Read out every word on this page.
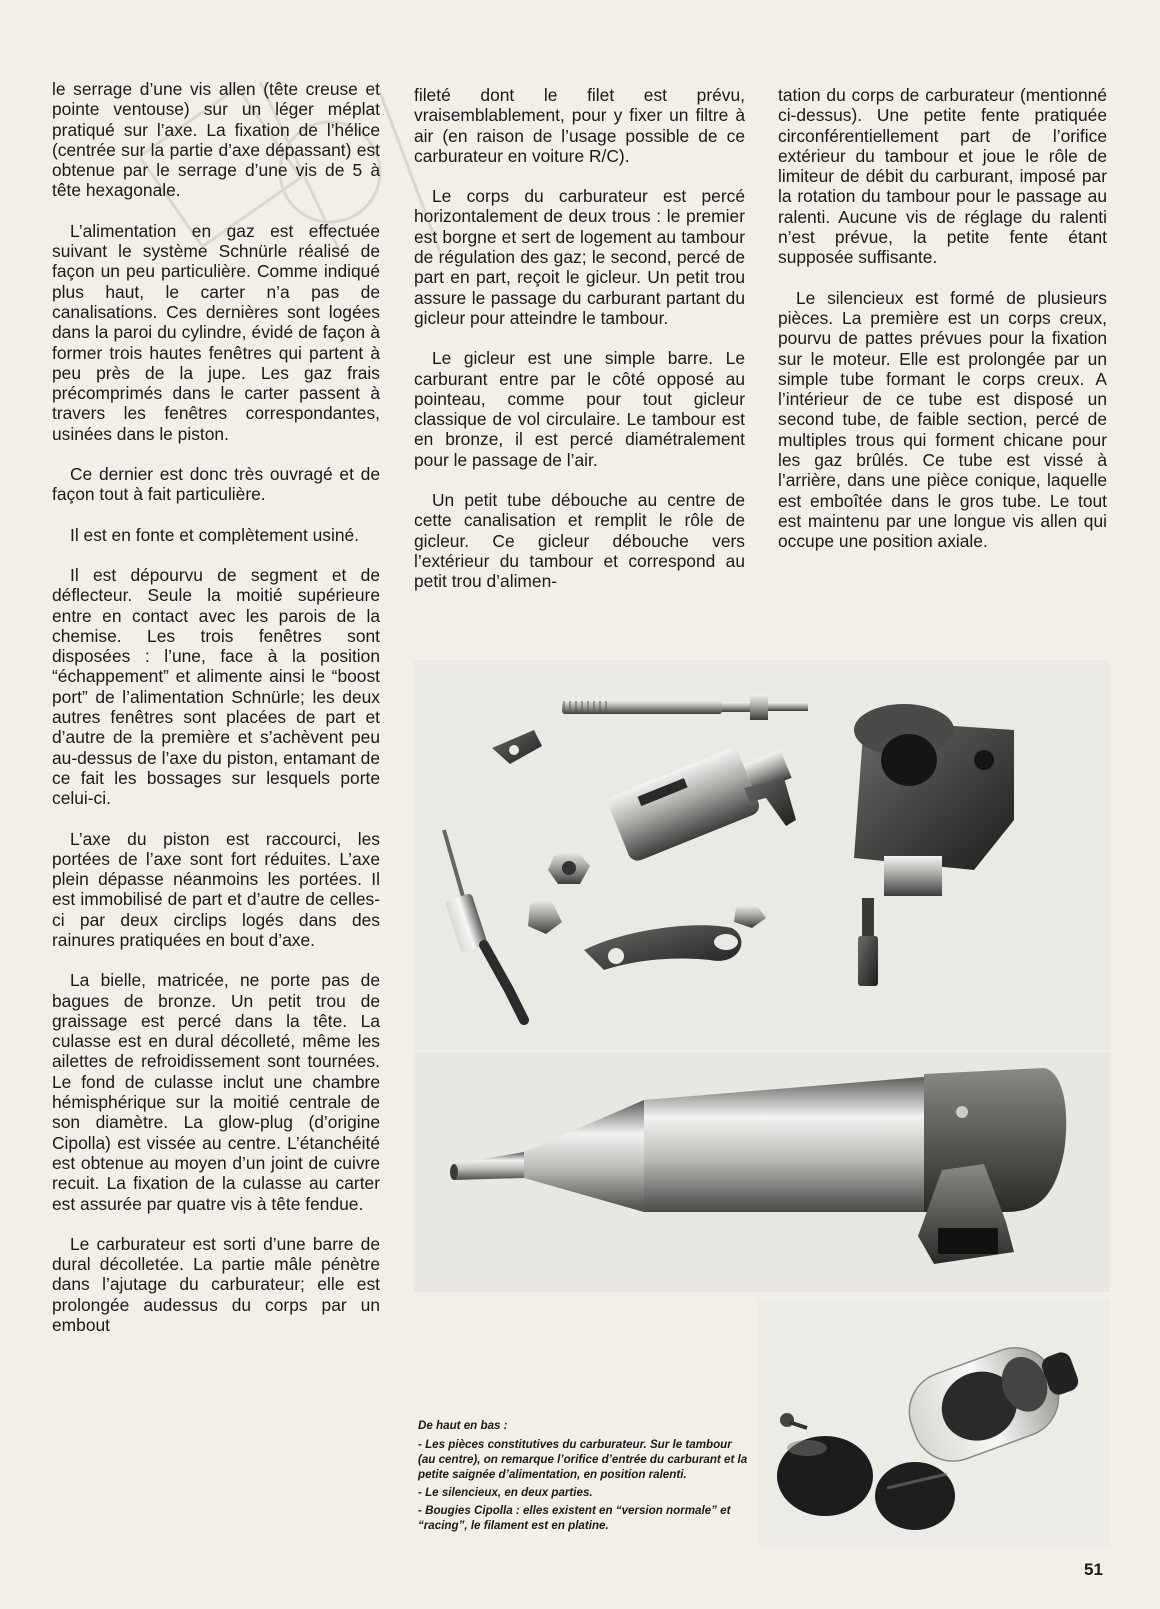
le serrage d’une vis allen (tête creuse et pointe ventouse) sur un léger méplat pratiqué sur l’axe. La fixation de l’hélice (centrée sur la partie d’axe dépassant) est obtenue par le serrage d’une vis de 5 à tête hexagonale.

L’alimentation en gaz est effectuée suivant le système Schnürle réalisé de façon un peu particulière. Comme indiqué plus haut, le carter n’a pas de canalisations. Ces dernières sont logées dans la paroi du cylindre, évidé de façon à former trois hautes fenêtres qui partent à peu près de la jupe. Les gaz frais précomprimés dans le carter passent à travers les fenêtres correspondantes, usinées dans le piston.

Ce dernier est donc très ouvragé et de façon tout à fait particulière.

Il est en fonte et complètement usiné.

Il est dépourvu de segment et de déflecteur. Seule la moitié supérieure entre en contact avec les parois de la chemise. Les trois fenêtres sont disposées : l’une, face à la position “échappement” et alimente ainsi le “boost port” de l’alimentation Schnürle; les deux autres fenêtres sont placées de part et d’autre de la première et s’achèvent peu au-dessus de l’axe du piston, entamant de ce fait les bossages sur lesquels porte celui-ci.

L’axe du piston est raccourci, les portées de l’axe sont fort réduites. L’axe plein dépasse néanmoins les portées. Il est immobilisé de part et d’autre de celles-ci par deux circlips logés dans des rainures pratiquées en bout d’axe.

La bielle, matricée, ne porte pas de bagues de bronze. Un petit trou de graissage est percé dans la tête. La culasse est en dural décolleté, même les ailettes de refroidissement sont tournées. Le fond de culasse inclut une chambre hémisphérique sur la moitié centrale de son diamètre. La glow-plug (d’origine Cipolla) est vissée au centre. L’étanchéité est obtenue au moyen d’un joint de cuivre recuit. La fixation de la culasse au carter est assurée par quatre vis à tête fendue.

Le carburateur est sorti d’une barre de dural décolletée. La partie mâle pénètre dans l’ajutage du carburateur; elle est prolongée audessus du corps par un embout

fileté dont le filet est prévu, vraisemblablement, pour y fixer un filtre à air (en raison de l’usage possible de ce carburateur en voiture R/C).

Le corps du carburateur est percé horizontalement de deux trous : le premier est borgne et sert de logement au tambour de régulation des gaz; le second, percé de part en part, reçoit le gicleur. Un petit trou assure le passage du carburant partant du gicleur pour atteindre le tambour.

Le gicleur est une simple barre. Le carburant entre par le côté opposé au pointeau, comme pour tout gicleur classique de vol circulaire. Le tambour est en bronze, il est percé diamétralement pour le passage de l’air.

Un petit tube débouche au centre de cette canalisation et remplit le rôle de gicleur. Ce gicleur débouche vers l’extérieur du tambour et correspond au petit trou d’alimen-

tation du corps de carburateur (mentionné ci-dessus). Une petite fente pratiquée circonférentiellement part de l’orifice extérieur du tambour et joue le rôle de limiteur de débit du carburant, imposé par la rotation du tambour pour le passage au ralenti. Aucune vis de réglage du ralenti n’est prévue, la petite fente étant supposée suffisante.

Le silencieux est formé de plusieurs pièces. La première est un corps creux, pourvu de pattes prévues pour la fixation sur le moteur. Elle est prolongée par un simple tube formant le corps creux. A l’intérieur de ce tube est disposé un second tube, de faible section, percé de multiples trous qui forment chicane pour les gaz brûlés. Ce tube est vissé à l’arrière, dans une pièce conique, laquelle est emboîtée dans le gros tube. Le tout est maintenu par une longue vis allen qui occupe une position axiale.

De haut en bas :
- Les pièces constitutives du carburateur. Sur le tambour (au centre), on remarque l’orifice d’entrée du carburant et la petite saignée d’alimentation, en position ralenti.
- Le silencieux, en deux parties.
- Bougies Cipolla : elles existent en “version normale” et “racing”, le filament est en platine.
51
